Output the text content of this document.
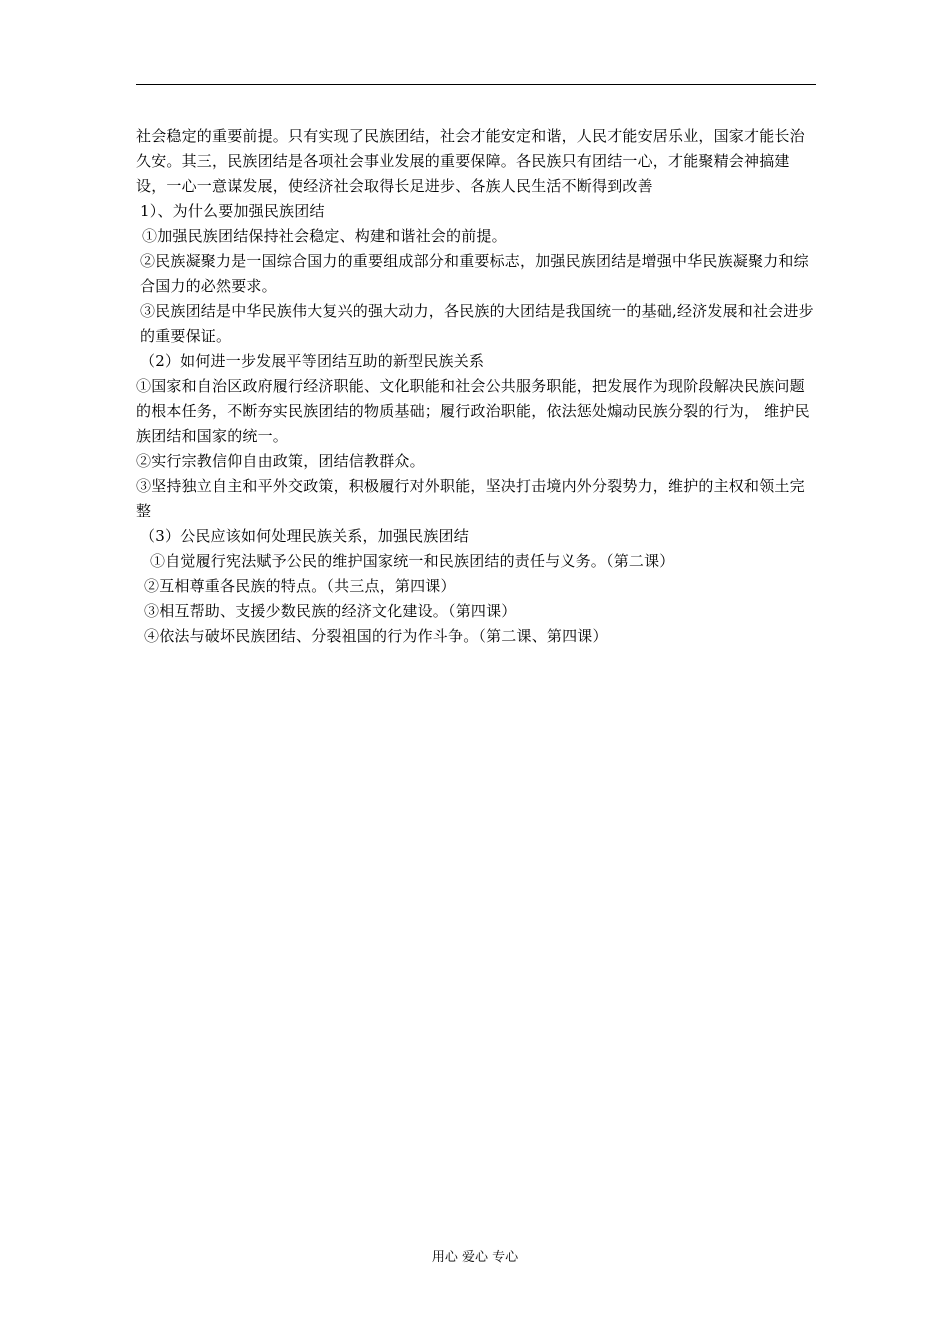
社会稳定的重要前提。只有实现了民族团结，社会才能安定和谐，人民才能安居乐业，国家才能长治久安。其三，民族团结是各项社会事业发展的重要保障。各民族只有团结一心，才能聚精会神搞建设，一心一意谋发展，使经济社会取得长足进步、各族人民生活不断得到改善

1）、为什么要加强民族团结

①加强民族团结保持社会稳定、构建和谐社会的前提。

②民族凝聚力是一国综合国力的重要组成部分和重要标志，加强民族团结是增强中华民族凝聚力和综合国力的必然要求。

③民族团结是中华民族伟大复兴的强大动力，各民族的大团结是我国统一的基础,经济发展和社会进步的重要保证。

（2）如何进一步发展平等团结互助的新型民族关系

①国家和自治区政府履行经济职能、文化职能和社会公共服务职能，把发展作为现阶段解决民族问题的根本任务，不断夯实民族团结的物质基础；履行政治职能，依法惩处煽动民族分裂的行为， 维护民族团结和国家的统一。

②实行宗教信仰自由政策，团结信教群众。

③坚持独立自主和平外交政策，积极履行对外职能，坚决打击境内外分裂势力，维护的主权和领土完整

（3）公民应该如何处理民族关系，加强民族团结

①自觉履行宪法赋予公民的维护国家统一和民族团结的责任与义务。（第二课）

②互相尊重各民族的特点。（共三点，第四课）

③相互帮助、支援少数民族的经济文化建设。（第四课）

④依法与破坏民族团结、分裂祖国的行为作斗争。（第二课、第四课）

用心 爱心 专心
